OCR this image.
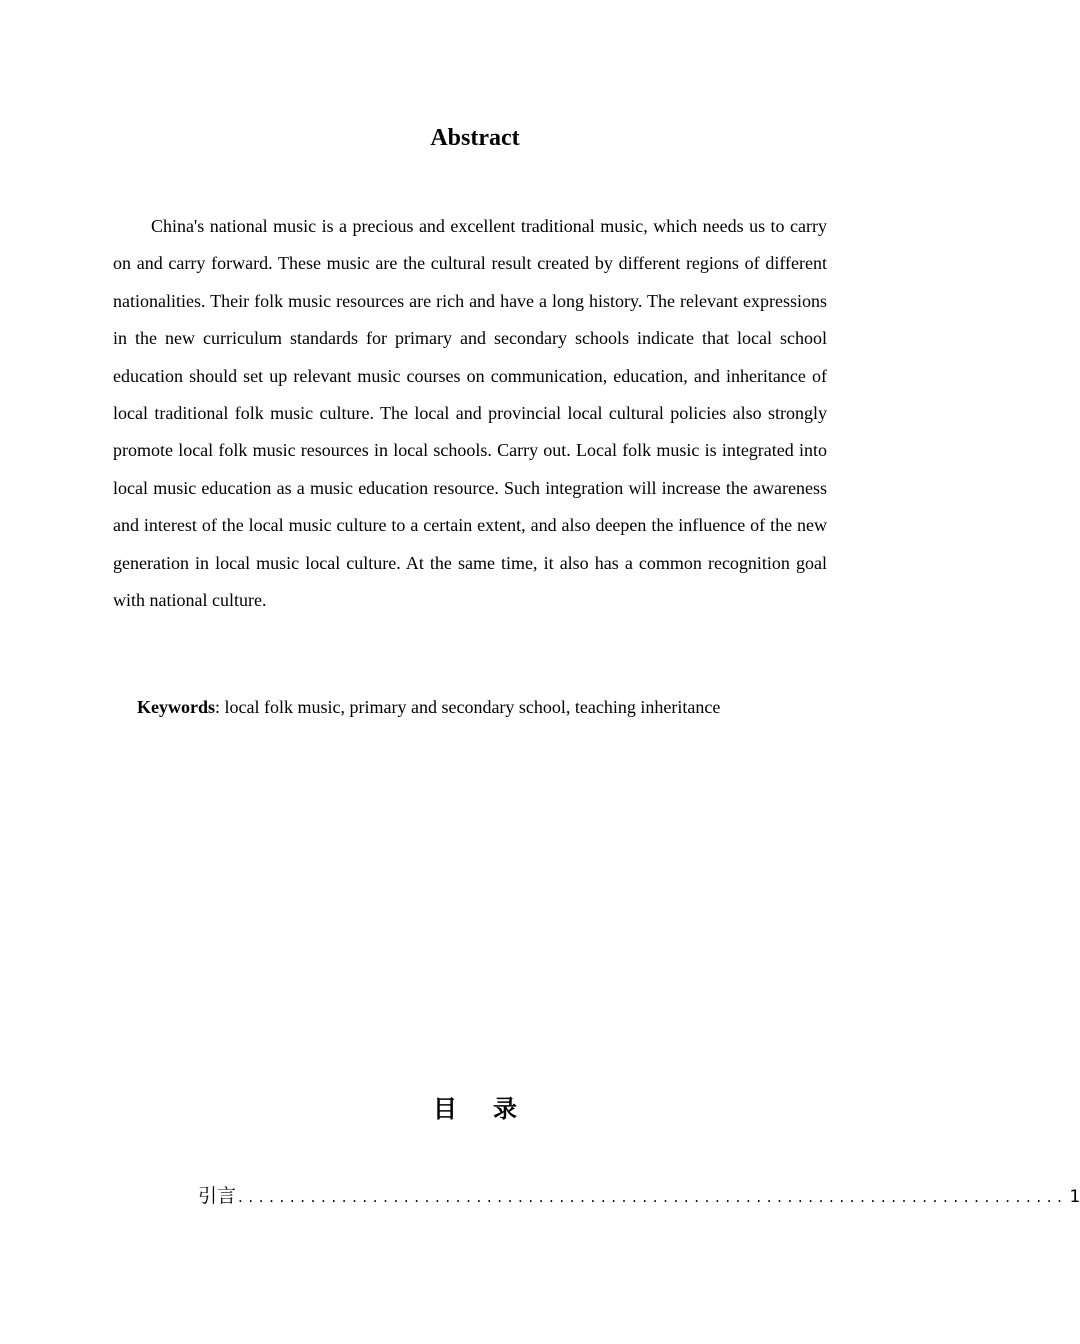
Abstract

China's national music is a precious and excellent traditional music, which needs us to carry on and carry forward. These music are the cultural result created by different regions of different nationalities. Their folk music resources are rich and have a long history. The relevant expressions in the new curriculum standards for primary and secondary schools indicate that local school education should set up relevant music courses on communication, education, and inheritance of local traditional folk music culture. The local and provincial local cultural policies also strongly promote local folk music resources in local schools. Carry out. Local folk music is integrated into local music education as a music education resource. Such integration will increase the awareness and interest of the local music culture to a certain extent, and also deepen the influence of the new generation in local music local culture. At the same time, it also has a common recognition goal with national culture.

Keywords: local folk music, primary and secondary school, teaching inheritance

目录
引言 ................................................................................ 1
